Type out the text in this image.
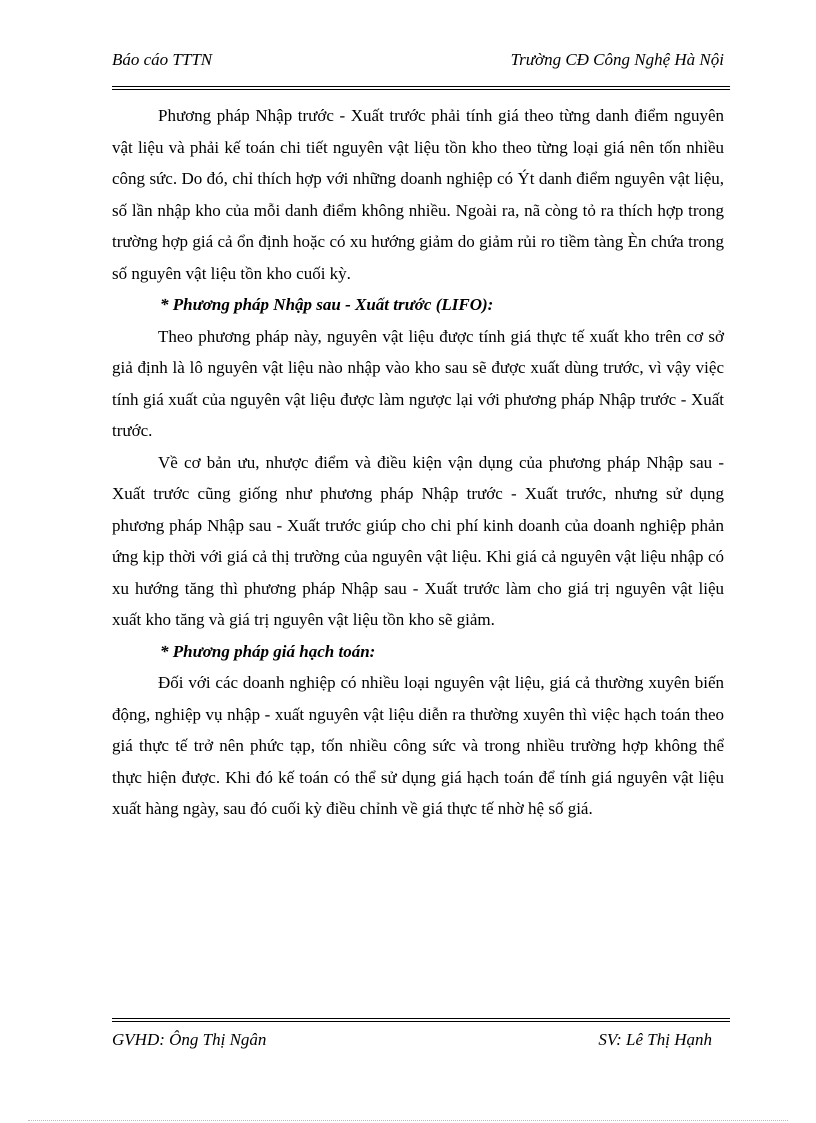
Báo cáo TTTN	Trường CĐ Công Nghệ Hà Nội

Phương pháp Nhập trước - Xuất trước phải tính giá theo từng danh điểm nguyên vật liệu và phải kế toán chi tiết nguyên vật liệu tồn kho theo từng loại giá nên tốn nhiều công sức. Do đó, chỉ thích hợp với những doanh nghiệp có Ýt danh điểm nguyên vật liệu, số lần nhập kho của mỗi danh điểm không nhiều. Ngoài ra, nã còng tỏ ra thích hợp trong trường hợp giá cả ổn định hoặc có xu hướng giảm do giảm rủi ro tiềm tàng Èn chứa trong số nguyên vật liệu tồn kho cuối kỳ.

* Phương pháp Nhập sau - Xuất trước (LIFO):

Theo phương pháp này, nguyên vật liệu được tính giá thực tế xuất kho trên cơ sở giả định là lô nguyên vật liệu nào nhập vào kho sau sẽ được xuất dùng trước, vì vậy việc tính giá xuất của nguyên vật liệu được làm ngược lại với phương pháp Nhập trước - Xuất trước.

Về cơ bản ưu, nhược điểm và điều kiện vận dụng của phương pháp Nhập sau - Xuất trước cũng giống như phương pháp Nhập trước - Xuất trước, nhưng sử dụng phương pháp Nhập sau - Xuất trước giúp cho chi phí kinh doanh của doanh nghiệp phản ứng kịp thời với giá cả thị trường của nguyên vật liệu. Khi giá cả nguyên vật liệu nhập có xu hướng tăng thì phương pháp Nhập sau - Xuất trước làm cho giá trị nguyên vật liệu xuất kho tăng và giá trị nguyên vật liệu tồn kho sẽ giảm.

* Phương pháp giá hạch toán:

Đối với các doanh nghiệp có nhiều loại nguyên vật liệu, giá cả thường xuyên biến động, nghiệp vụ nhập - xuất nguyên vật liệu diễn ra thường xuyên thì việc hạch toán theo giá thực tế trở nên phức tạp, tốn nhiều công sức và trong nhiều trường hợp không thể thực hiện được. Khi đó kế toán có thể sử dụng giá hạch toán để tính giá nguyên vật liệu xuất hàng ngày, sau đó cuối kỳ điều chỉnh về giá thực tế nhờ hệ số giá.

GVHD: Ông Thị Ngân	SV: Lê Thị Hạnh
